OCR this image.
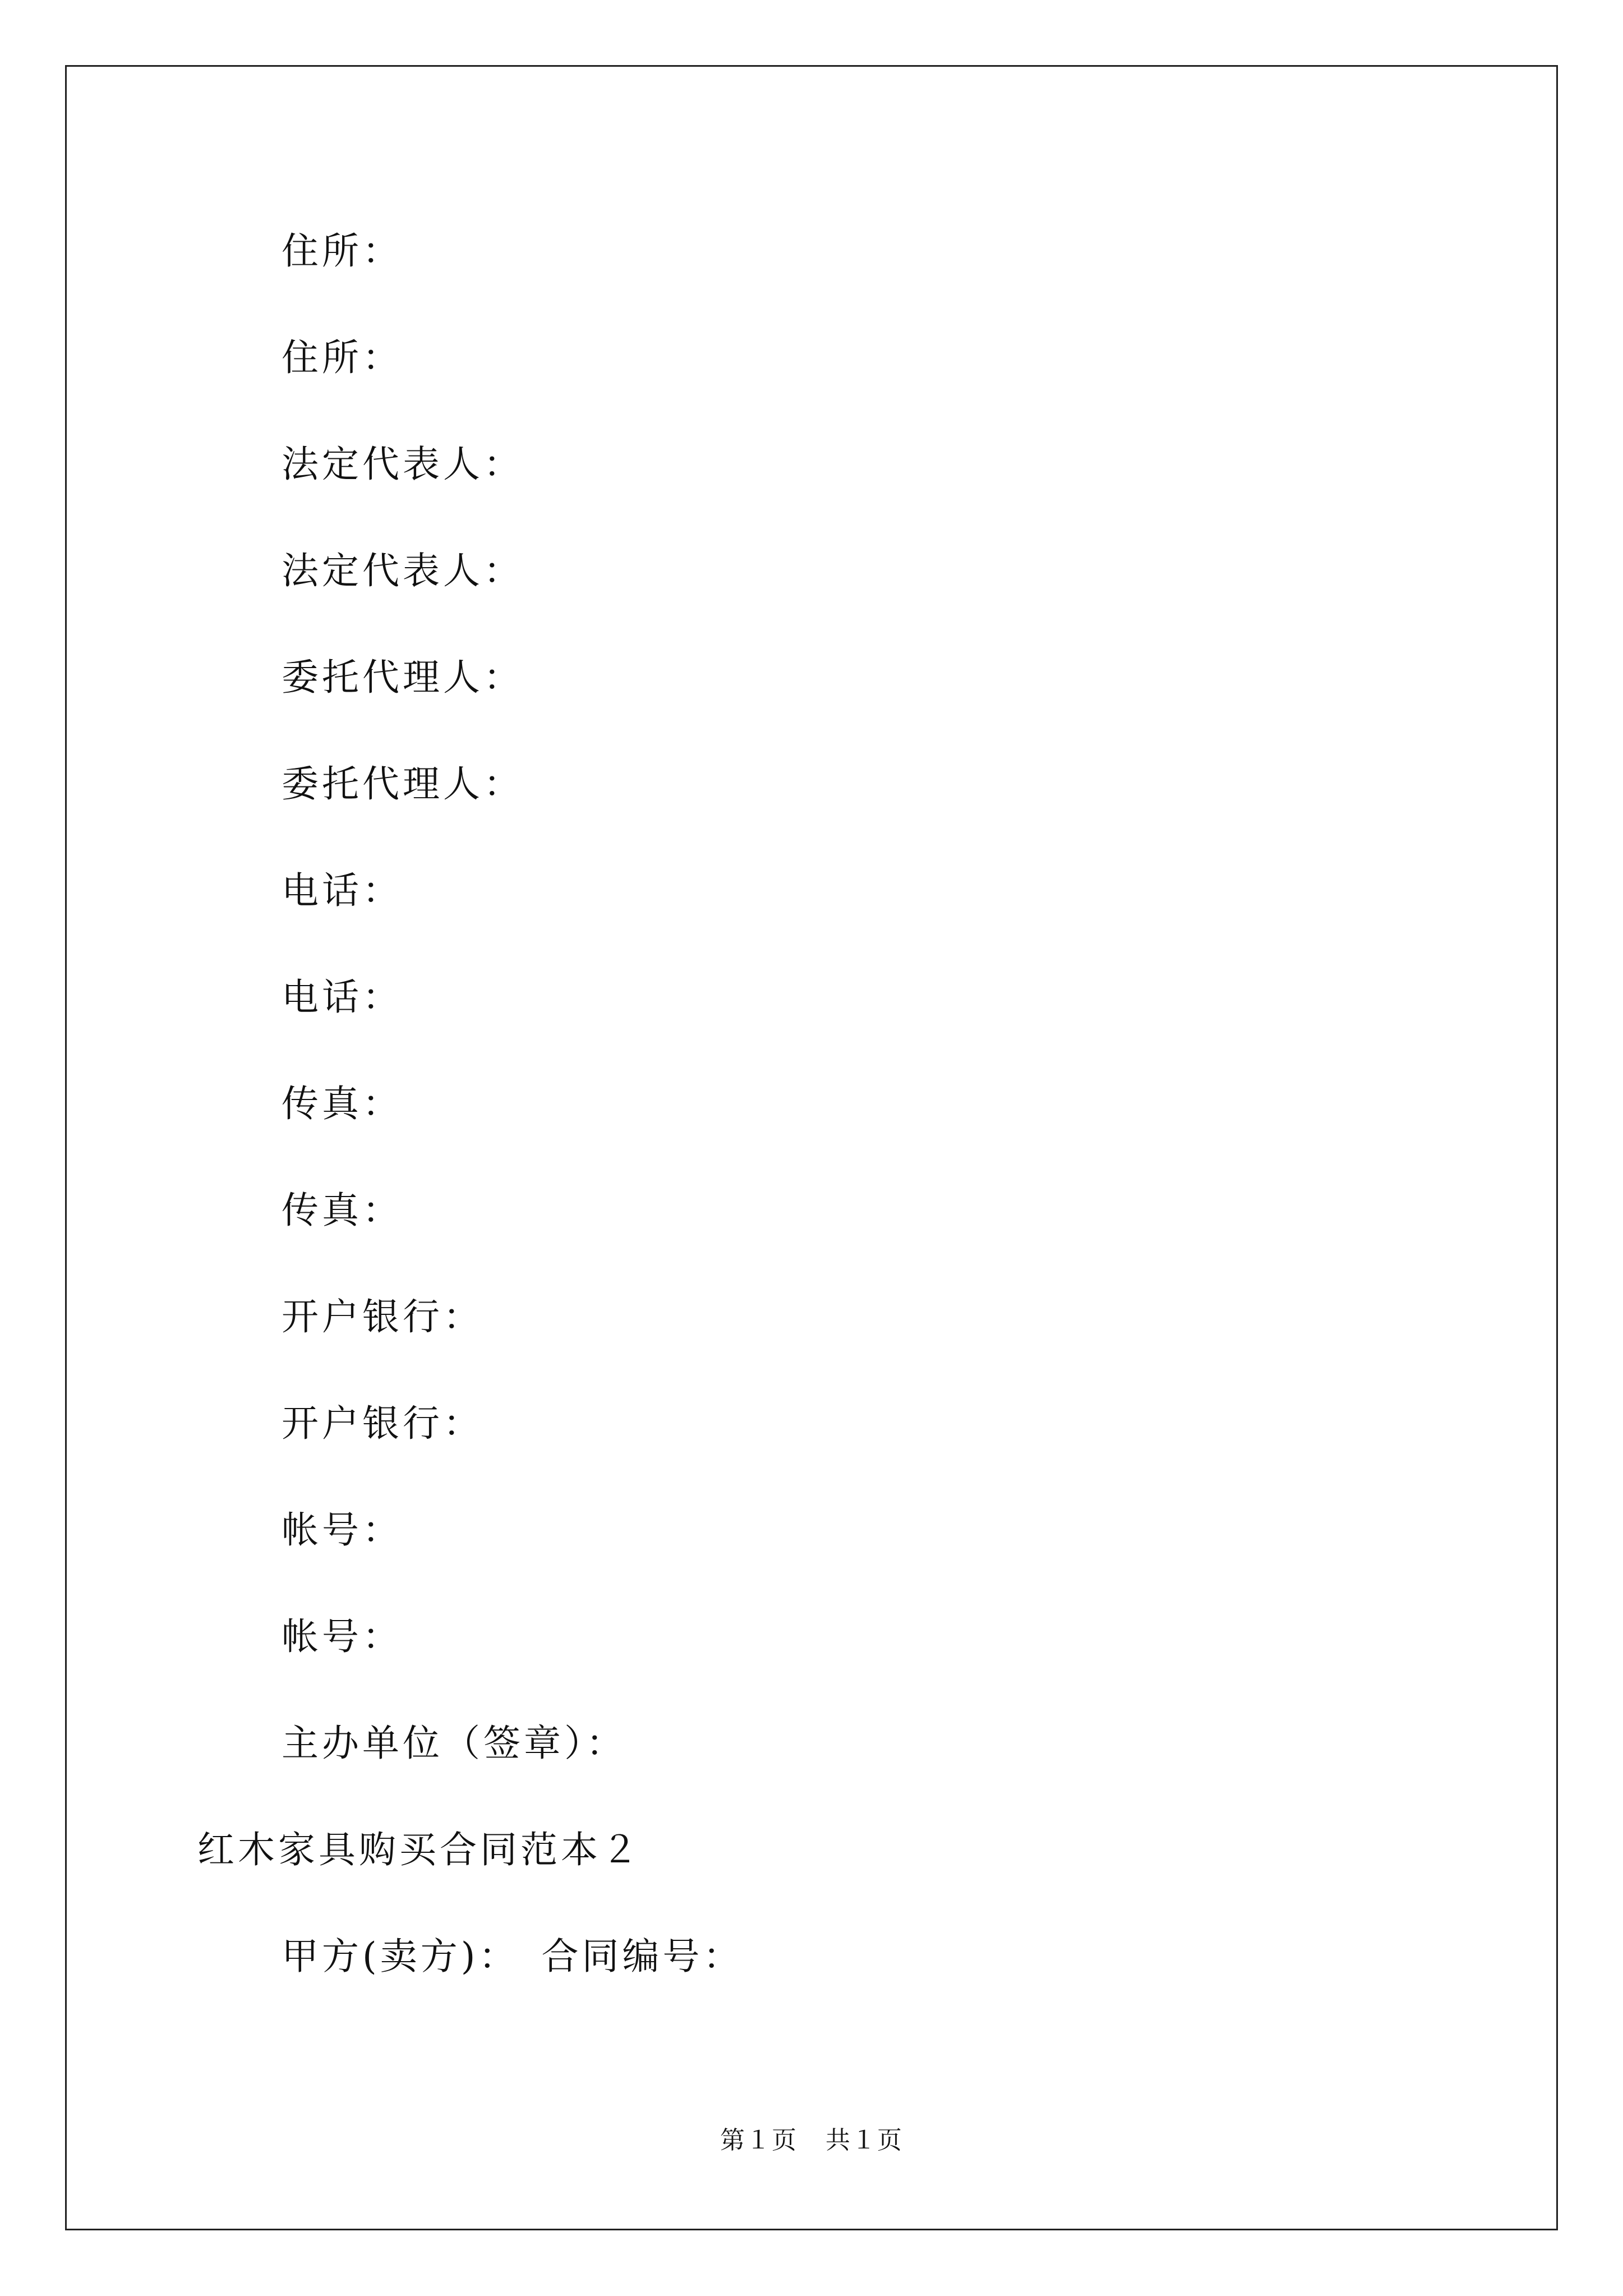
住所：
住所：
法定代表人：
法定代表人：
委托代理人：
委托代理人：
电话：
电话：
传真：
传真：
开户银行：
开户银行：
帐号：
帐号：
主办单位（签章）：
红木家具购买合同范本２
甲方(卖方)： 合同编号：
第１页 共１页
